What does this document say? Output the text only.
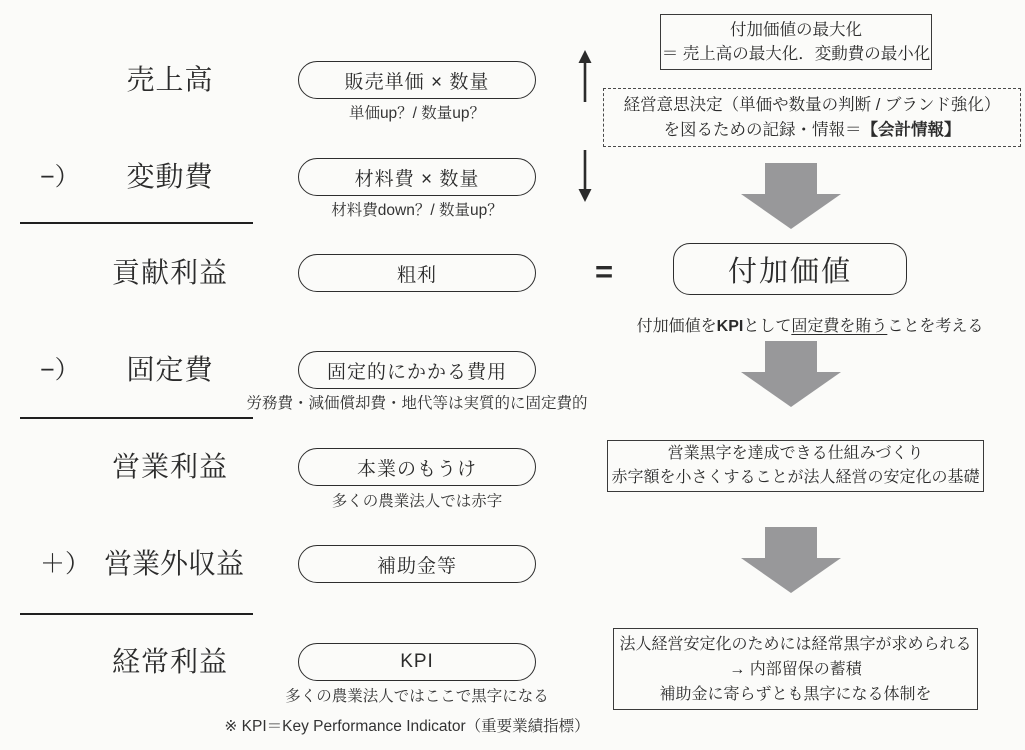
売上高	販売単価 × 数量
単価up？/ 数量up？
−）	変動費	材料費 × 数量
材料費down？/ 数量up？
貢献利益	粗利
−）	固定費	固定的にかかる費用
労務費・減価償却費・地代等は実質的に固定費的
営業利益	本業のもうけ
多くの農業法人では赤字
＋） 営業外収益	補助金等
経常利益	KPI
多くの農業法人ではここで黒字になる
※ KPI＝Key Performance Indicator（重要業績指標）
=
付加価値の最大化
＝ 売上高の最大化．変動費の最小化
経営意思決定（単価や数量の判断 / ブランド強化）
を図るための記録・情報＝【会計情報】
付加価値
付加価値をKPIとして固定費を賄うことを考える
営業黒字を達成できる仕組みづくり
赤字額を小さくすることが法人経営の安定化の基礎
法人経営安定化のためには経常黒字が求められる
→ 内部留保の蓄積
補助金に寄らずとも黒字になる体制を
